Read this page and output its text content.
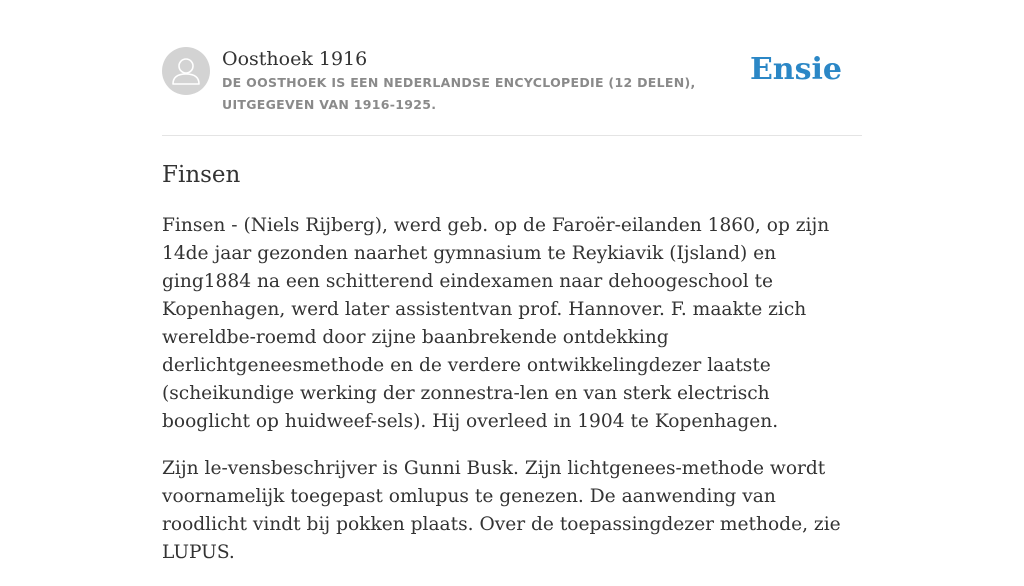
Oosthoek 1916

DE OOSTHOEK IS EEN NEDERLANDSE ENCYCLOPEDIE (12 DELEN), UITGEGEVEN VAN 1916-1925.

Ensie
Finsen

Finsen - (Niels Rijberg), werd geb. op de Faroër-eilanden 1860, op zijn 14de jaar gezonden naarhet gymnasium te Reykiavik (Ijsland) en ging1884 na een schitterend eindexamen naar dehoogeschool te Kopenhagen, werd later assistentvan prof. Hannover. F. maakte zich wereldbe-roemd door zijne baanbrekende ontdekking derlichtgeneesmethode en de verdere ontwikkelingdezer laatste (scheikundige werking der zonnestra-len en van sterk electrisch booglicht op huidweef-sels). Hij overleed in 1904 te Kopenhagen.

Zijn le-vensbeschrijver is Gunni Busk. Zijn lichtgenees-methode wordt voornamelijk toegepast omlupus te genezen. De aanwending van roodlicht vindt bij pokken plaats. Over de toepassingdezer methode, zie LUPUS.
